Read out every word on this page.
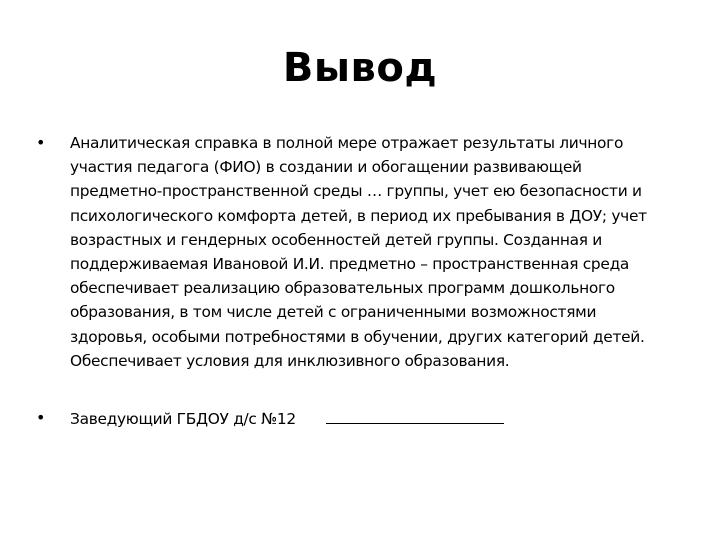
Вывод
• Аналитическая справка в полной мере отражает результаты личного участия педагога (ФИО) в создании и обогащении развивающей предметно-пространственной среды … группы, учет ею безопасности и психологического комфорта детей, в период их пребывания в ДОУ; учет возрастных и гендерных особенностей детей группы. Созданная и поддерживаемая Ивановой И.И. предметно – пространственная среда обеспечивает реализацию образовательных программ дошкольного образования, в том числе детей с ограниченными возможностями здоровья, особыми потребностями в обучении, других категорий детей. Обеспечивает условия для инклюзивного образования.
• Заведующий ГБДОУ д/с №12
